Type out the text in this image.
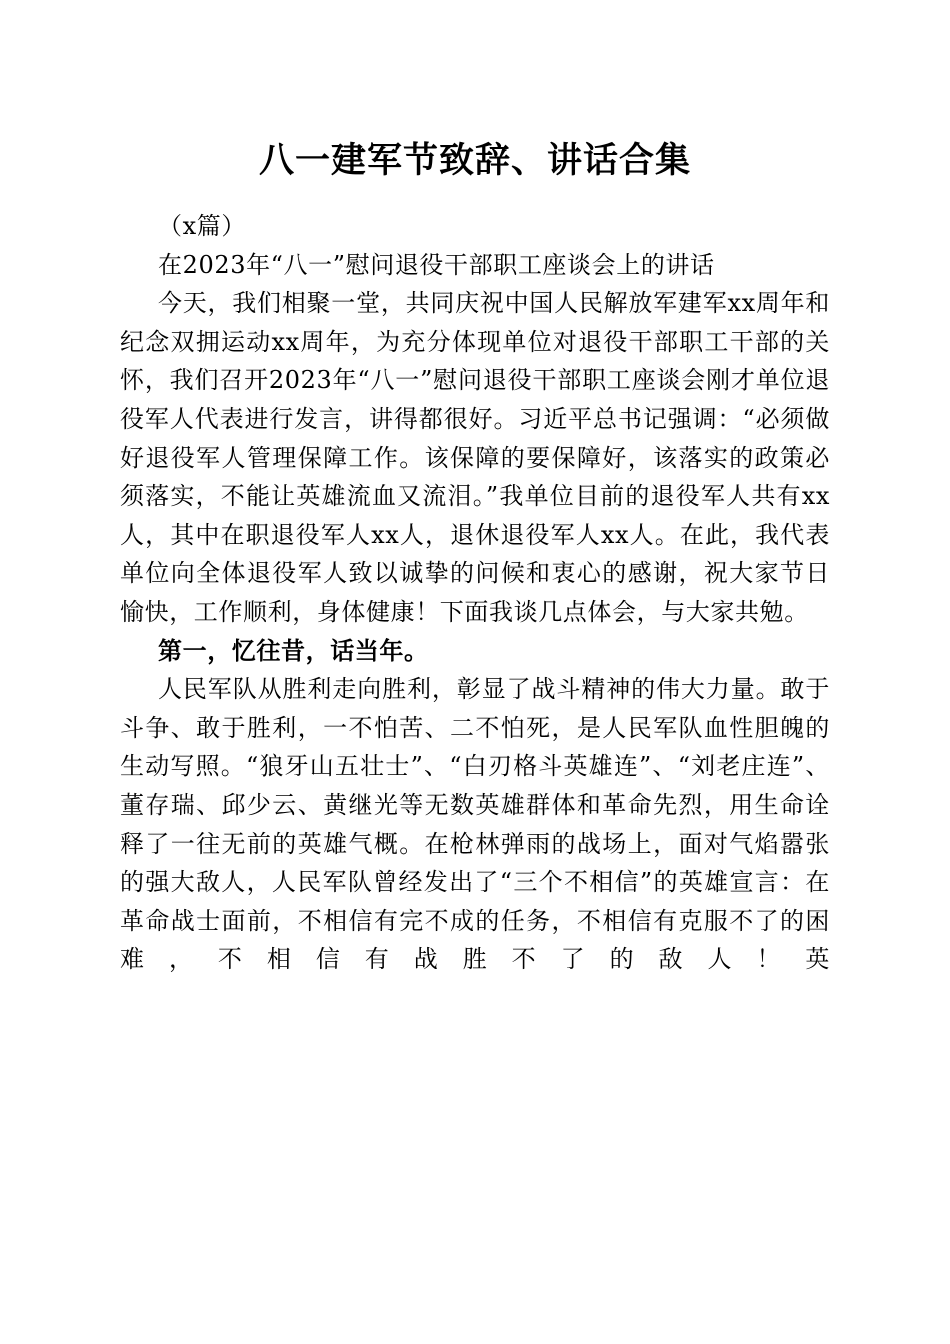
八一建军节致辞、讲话合集

（x篇）

在2023年“八一”慰问退役干部职工座谈会上的讲话

今天，我们相聚一堂，共同庆祝中国人民解放军建军xx周年和纪念双拥运动xx周年，为充分体现单位对退役干部职工干部的关怀，我们召开2023年“八一”慰问退役干部职工座谈会刚才单位退役军人代表进行发言，讲得都很好。习近平总书记强调：“必须做好退役军人管理保障工作。该保障的要保障好，该落实的政策必须落实，不能让英雄流血又流泪。”我单位目前的退役军人共有xx人，其中在职退役军人xx人，退休退役军人xx人。在此，我代表单位向全体退役军人致以诚挚的问候和衷心的感谢，祝大家节日愉快，工作顺利，身体健康！下面我谈几点体会，与大家共勉。

第一，忆往昔，话当年。

人民军队从胜利走向胜利，彰显了战斗精神的伟大力量。敢于斗争、敢于胜利，一不怕苦、二不怕死，是人民军队血性胆魄的生动写照。“狼牙山五壮士”、“白刃格斗英雄连”、“刘老庄连”、董存瑞、邱少云、黄继光等无数英雄群体和革命先烈，用生命诠释了一往无前的英雄气概。在枪林弹雨的战场上，面对气焰嚣张的强大敌人，人民军队曾经发出了“三个不相信”的英雄宣言：在革命战士面前，不相信有完不成的任务，不相信有克服不了的困难，不相信有战胜不了的敌人！英
